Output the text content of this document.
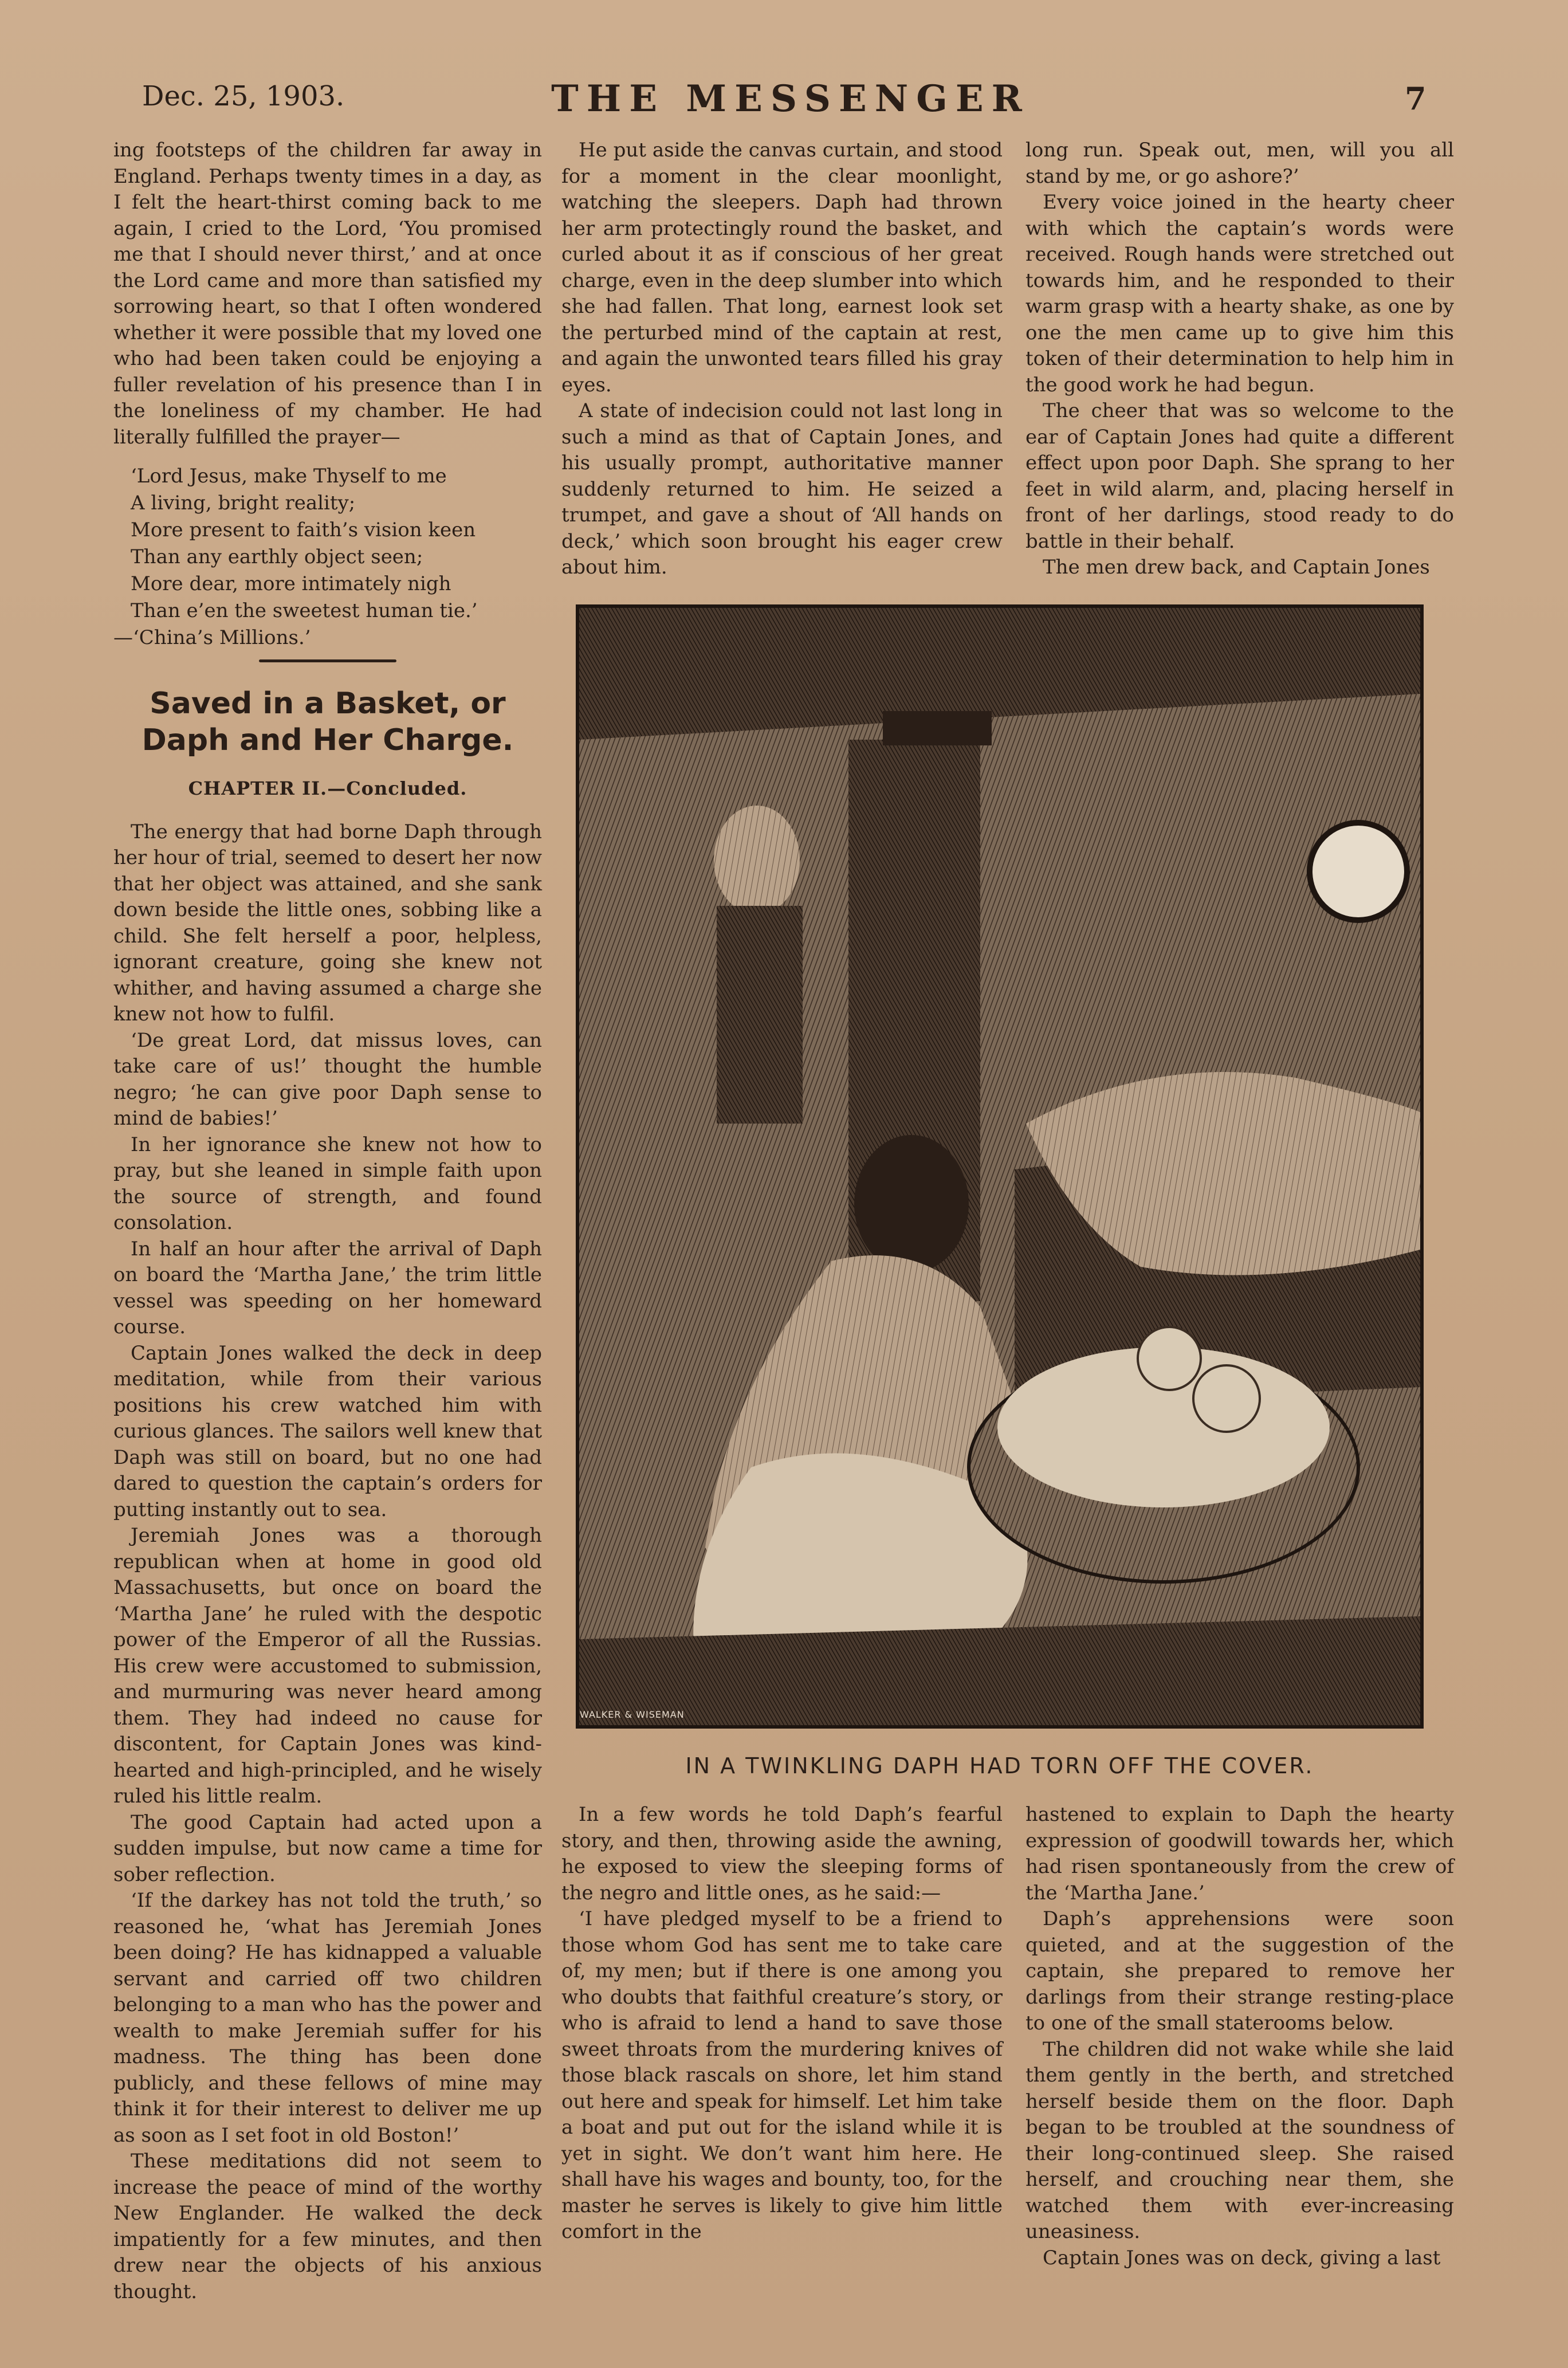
Dec. 25, 1903.	THE MESSENGER	7

ing footsteps of the children far away in England. Perhaps twenty times in a day, as I felt the heart-thirst coming back to me again, I cried to the Lord, ‘You promised me that I should never thirst,’ and at once the Lord came and more than satisfied my sorrowing heart, so that I often wondered whether it were possible that my loved one who had been taken could be enjoying a fuller revelation of his presence than I in the loneliness of my chamber. He had literally fulfilled the prayer—

‘Lord Jesus, make Thyself to me
A living, bright reality;
More present to faith’s vision keen
Than any earthly object seen;
More dear, more intimately nigh
Than e’en the sweetest human tie.’
—‘China’s Millions.’
Saved in a Basket, or Daph and Her Charge.
CHAPTER II.—Concluded.

The energy that had borne Daph through her hour of trial, seemed to desert her now that her object was attained, and she sank down beside the little ones, sobbing like a child. She felt herself a poor, helpless, ignorant creature, going she knew not whither, and having assumed a charge she knew not how to fulfil.

‘De great Lord, dat missus loves, can take care of us!’ thought the humble negro; ‘he can give poor Daph sense to mind de babies!’

In her ignorance she knew not how to pray, but she leaned in simple faith upon the source of strength, and found consolation.

In half an hour after the arrival of Daph on board the ‘Martha Jane,’ the trim little vessel was speeding on her homeward course.

Captain Jones walked the deck in deep meditation, while from their various positions his crew watched him with curious glances. The sailors well knew that Daph was still on board, but no one had dared to question the captain’s orders for putting instantly out to sea.

Jeremiah Jones was a thorough republican when at home in good old Massachusetts, but once on board the ‘Martha Jane’ he ruled with the despotic power of the Emperor of all the Russias. His crew were accustomed to submission, and murmuring was never heard among them. They had indeed no cause for discontent, for Captain Jones was kind-hearted and high-principled, and he wisely ruled his little realm.

The good Captain had acted upon a sudden impulse, but now came a time for sober reflection.

‘If the darkey has not told the truth,’ so reasoned he, ‘what has Jeremiah Jones been doing? He has kidnapped a valuable servant and carried off two children belonging to a man who has the power and wealth to make Jeremiah suffer for his madness. The thing has been done publicly, and these fellows of mine may think it for their interest to deliver me up as soon as I set foot in old Boston!’

These meditations did not seem to increase the peace of mind of the worthy New Englander. He walked the deck impatiently for a few minutes, and then drew near the objects of his anxious thought.

He put aside the canvas curtain, and stood for a moment in the clear moonlight, watching the sleepers. Daph had thrown her arm protectingly round the basket, and curled about it as if conscious of her great charge, even in the deep slumber into which she had fallen. That long, earnest look set the perturbed mind of the captain at rest, and again the unwonted tears filled his gray eyes.

A state of indecision could not last long in such a mind as that of Captain Jones, and his usually prompt, authoritative manner suddenly returned to him. He seized a trumpet, and gave a shout of ‘All hands on deck,’ which soon brought his eager crew about him.

long run. Speak out, men, will you all stand by me, or go ashore?’

Every voice joined in the hearty cheer with which the captain’s words were received. Rough hands were stretched out towards him, and he responded to their warm grasp with a hearty shake, as one by one the men came up to give him this token of their determination to help him in the good work he had begun.

The cheer that was so welcome to the ear of Captain Jones had quite a different effect upon poor Daph. She sprang to her feet in wild alarm, and, placing herself in front of her darlings, stood ready to do battle in their behalf.

The men drew back, and Captain Jones

WALKER & WISEMAN
IN A TWINKLING DAPH HAD TORN OFF THE COVER.

In a few words he told Daph’s fearful story, and then, throwing aside the awning, he exposed to view the sleeping forms of the negro and little ones, as he said:—

‘I have pledged myself to be a friend to those whom God has sent me to take care of, my men; but if there is one among you who doubts that faithful creature’s story, or who is afraid to lend a hand to save those sweet throats from the murdering knives of those black rascals on shore, let him stand out here and speak for himself. Let him take a boat and put out for the island while it is yet in sight. We don’t want him here. He shall have his wages and bounty, too, for the master he serves is likely to give him little comfort in the

hastened to explain to Daph the hearty expression of goodwill towards her, which had risen spontaneously from the crew of the ‘Martha Jane.’

Daph’s apprehensions were soon quieted, and at the suggestion of the captain, she prepared to remove her darlings from their strange resting-place to one of the small staterooms below.

The children did not wake while she laid them gently in the berth, and stretched herself beside them on the floor. Daph began to be troubled at the soundness of their long-continued sleep. She raised herself, and crouching near them, she watched them with ever-increasing uneasiness.

Captain Jones was on deck, giving a last
